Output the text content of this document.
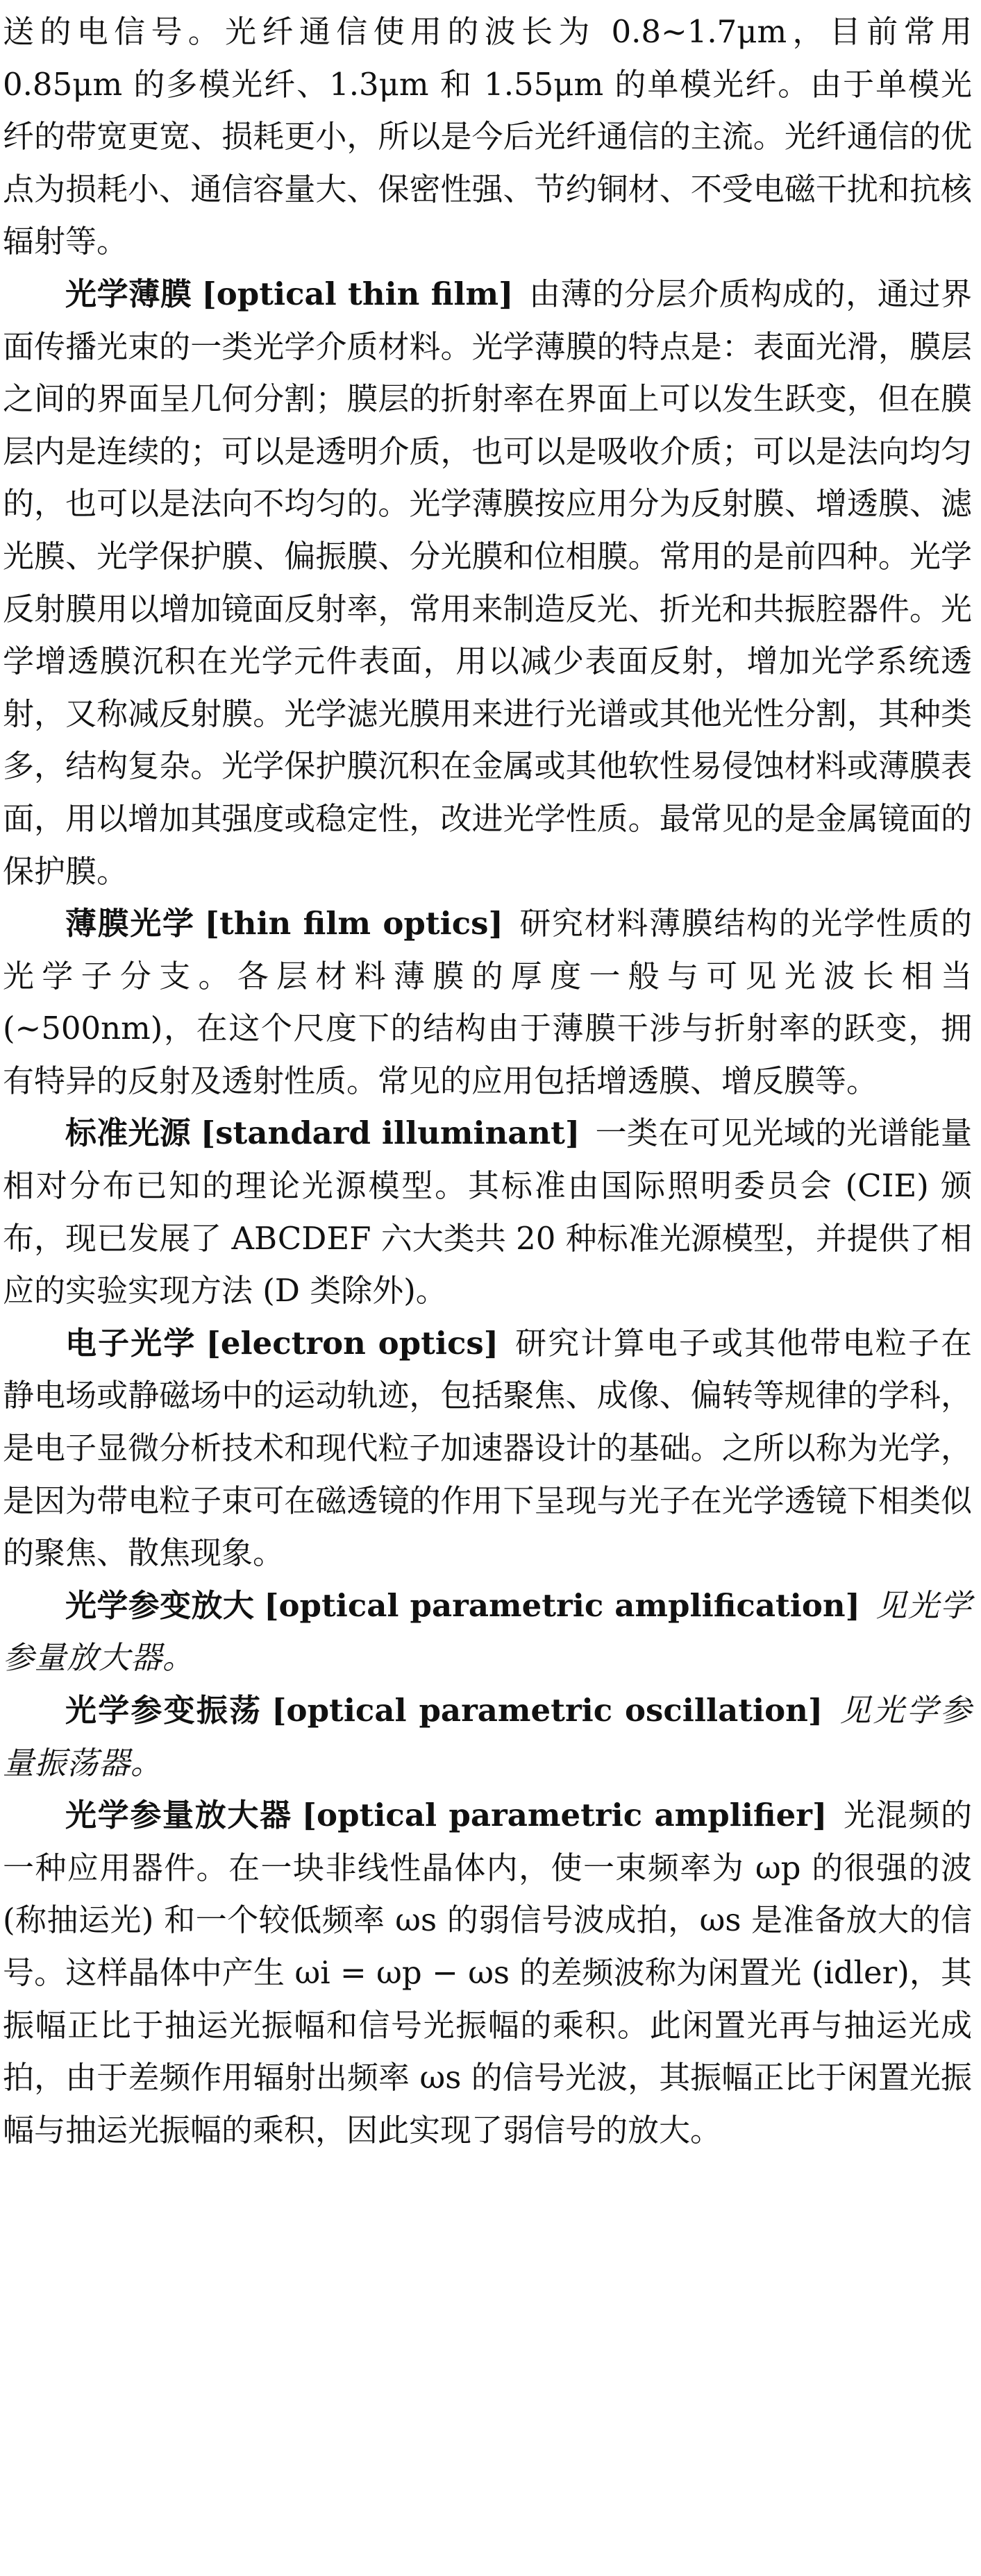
送的电信号。光纤通信使用的波长为 0.8∼1.7μm，目前常用 0.85μm 的多模光纤、1.3μm 和 1.55μm 的单模光纤。由于单模光纤的带宽更宽、损耗更小，所以是今后光纤通信的主流。光纤通信的优点为损耗小、通信容量大、保密性强、节约铜材、不受电磁干扰和抗核辐射等。

光学薄膜 [optical thin film] 由薄的分层介质构成的，通过界面传播光束的一类光学介质材料。光学薄膜的特点是：表面光滑，膜层之间的界面呈几何分割；膜层的折射率在界面上可以发生跃变，但在膜层内是连续的；可以是透明介质，也可以是吸收介质；可以是法向均匀的，也可以是法向不均匀的。光学薄膜按应用分为反射膜、增透膜、滤光膜、光学保护膜、偏振膜、分光膜和位相膜。常用的是前四种。光学反射膜用以增加镜面反射率，常用来制造反光、折光和共振腔器件。光学增透膜沉积在光学元件表面，用以减少表面反射，增加光学系统透射，又称减反射膜。光学滤光膜用来进行光谱或其他光性分割，其种类多，结构复杂。光学保护膜沉积在金属或其他软性易侵蚀材料或薄膜表面，用以增加其强度或稳定性，改进光学性质。最常见的是金属镜面的保护膜。

薄膜光学 [thin film optics] 研究材料薄膜结构的光学性质的光学子分支。各层材料薄膜的厚度一般与可见光波长相当 (∼500nm)，在这个尺度下的结构由于薄膜干涉与折射率的跃变，拥有特异的反射及透射性质。常见的应用包括增透膜、增反膜等。

标准光源 [standard illuminant] 一类在可见光域的光谱能量相对分布已知的理论光源模型。其标准由国际照明委员会 (CIE) 颁布，现已发展了 ABCDEF 六大类共 20 种标准光源模型，并提供了相应的实验实现方法 (D 类除外)。

电子光学 [electron optics] 研究计算电子或其他带电粒子在静电场或静磁场中的运动轨迹，包括聚焦、成像、偏转等规律的学科，是电子显微分析技术和现代粒子加速器设计的基础。之所以称为光学，是因为带电粒子束可在磁透镜的作用下呈现与光子在光学透镜下相类似的聚焦、散焦现象。

光学参变放大 [optical parametric amplification] 见光学参量放大器。

光学参变振荡 [optical parametric oscillation] 见光学参量振荡器。

光学参量放大器 [optical parametric amplifier] 光混频的一种应用器件。在一块非线性晶体内，使一束频率为 ωp 的很强的波 (称抽运光) 和一个较低频率 ωs 的弱信号波成拍，ωs 是准备放大的信号。这样晶体中产生 ωi = ωp − ωs 的差频波称为闲置光 (idler)，其振幅正比于抽运光振幅和信号光振幅的乘积。此闲置光再与抽运光成拍，由于差频作用辐射出频率 ωs 的信号光波，其振幅正比于闲置光振幅与抽运光振幅的乘积，因此实现了弱信号的放大。
